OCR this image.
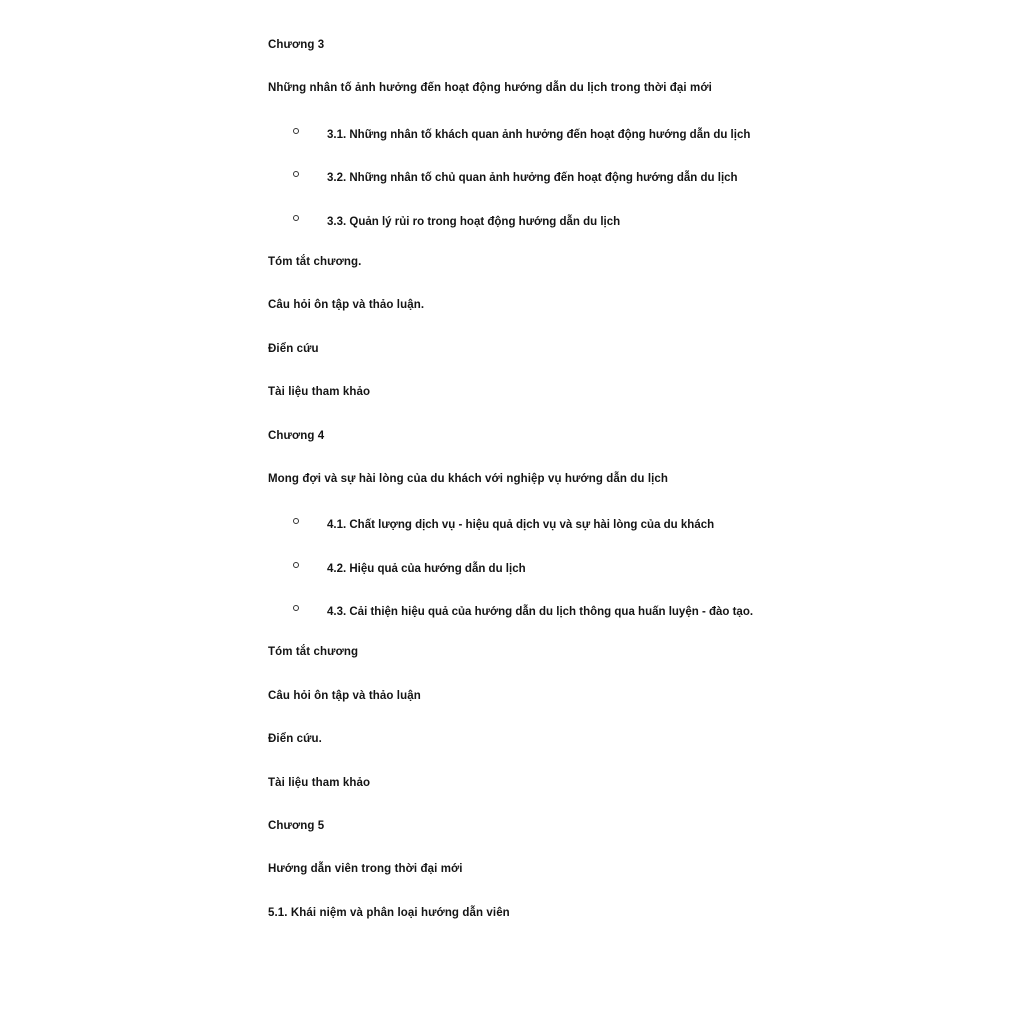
Chương 3

Những nhân tố ảnh hưởng đến hoạt động hướng dẫn du lịch trong thời đại mới

3.1. Những nhân tố khách quan ảnh hưởng đến hoạt động hướng dẫn du lịch
3.2. Những nhân tố chủ quan ảnh hưởng đến hoạt động hướng dẫn du lịch
3.3. Quản lý rủi ro trong hoạt động hướng dẫn du lịch

Tóm tắt chương.

Câu hỏi ôn tập và thảo luận.

Điển cứu

Tài liệu tham khảo

Chương 4

Mong đợi và sự hài lòng của du khách với nghiệp vụ hướng dẫn du lịch

4.1. Chất lượng dịch vụ - hiệu quả dịch vụ và sự hài lòng của du khách
4.2. Hiệu quả của hướng dẫn du lịch
4.3. Cải thiện hiệu quả của hướng dẫn du lịch thông qua huấn luyện - đào tạo.

Tóm tắt chương

Câu hỏi ôn tập và thảo luận

Điển cứu.

Tài liệu tham khảo

Chương 5

Hướng dẫn viên trong thời đại mới

5.1. Khái niệm và phân loại hướng dẫn viên
